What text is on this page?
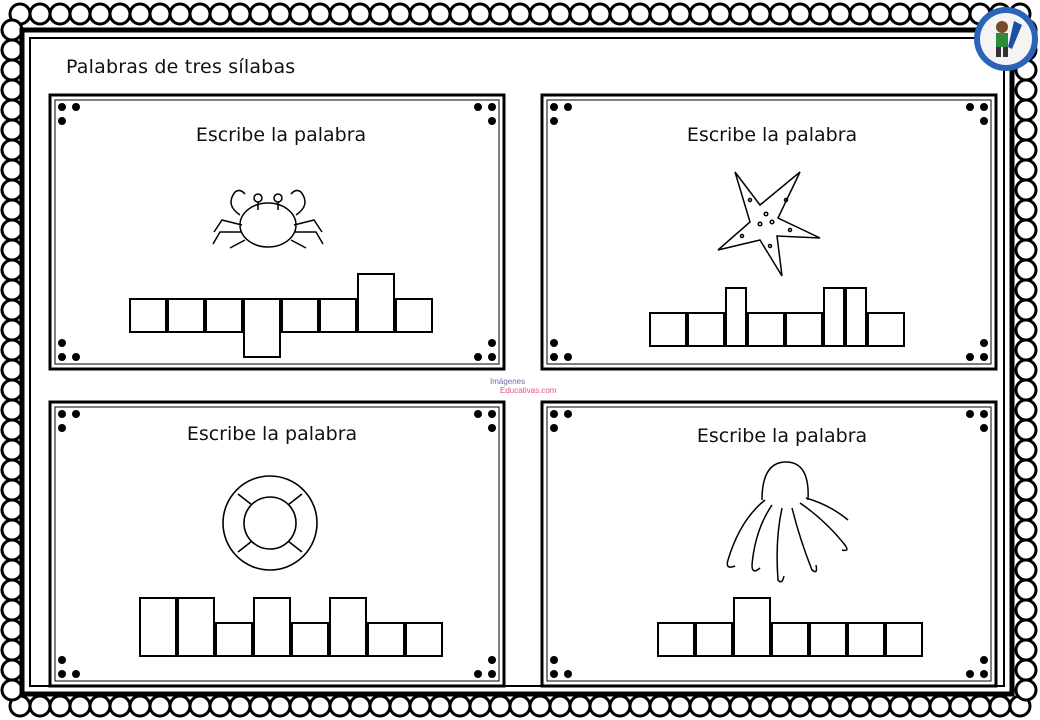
Palabras de tres sílabas
Escribe la palabra	Escribe la palabra
Escribe la palabra	Escribe la palabra
Imágenes
Educativas.com
